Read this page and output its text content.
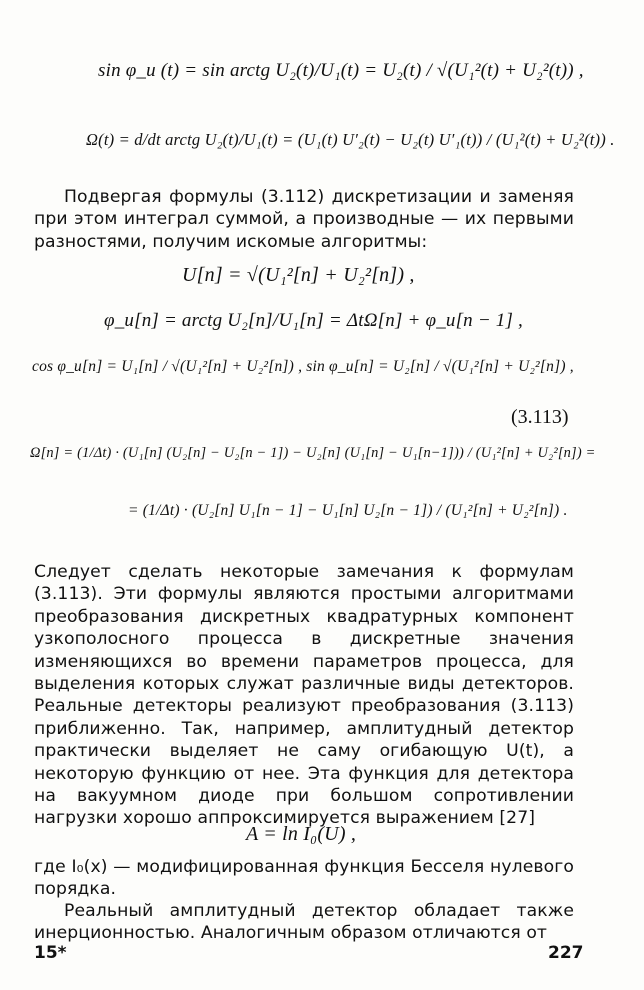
sin φ_u (t) = sin arctg U₂(t)/U₁(t) = U₂(t) / √(U₁²(t) + U₂²(t)) ,
Ω(t) = d/dt arctg U₂(t)/U₁(t) = (U₁(t) U′₂(t) − U₂(t) U′₁(t)) / (U₁²(t) + U₂²(t)) .
Подвергая формулы (3.112) дискретизации и заменяя при этом интеграл суммой, а производные — их первыми разностями, получим искомые алгоритмы:
U[n] = √(U₁²[n] + U₂²[n]) ,
φ_u[n] = arctg U₂[n]/U₁[n] = ΔtΩ[n] + φ_u[n − 1] ,
cos φ_u[n] = U₁[n] / √(U₁²[n] + U₂²[n]) , sin φ_u[n] = U₂[n] / √(U₁²[n] + U₂²[n]) ,
(3.113)
Ω[n] = (1/Δt) · (U₁[n] (U₂[n] − U₂[n − 1]) − U₂[n] (U₁[n] − U₁[n−1])) / (U₁²[n] + U₂²[n]) =
= (1/Δt) · (U₂[n] U₁[n − 1] − U₁[n] U₂[n − 1]) / (U₁²[n] + U₂²[n]) .
Следует сделать некоторые замечания к формулам (3.113). Эти формулы являются простыми алгоритмами преобразования дискретных квадратурных компонент узкополосного процесса в дискретные значения изменяющихся во времени параметров процесса, для выделения которых служат различные виды детекторов. Реальные детекторы реализуют преобразования (3.113) приближенно. Так, например, амплитудный детектор практически выделяет не саму огибающую U(t), а некоторую функцию от нее. Эта функция для детектора на вакуумном диоде при большом сопротивлении нагрузки хорошо аппроксимируется выражением [27]
A = ln I₀(U) ,
где I₀(x) — модифицированная функция Бесселя нулевого порядка.
Реальный амплитудный детектор обладает также инерционностью. Аналогичным образом отличаются от
15*	227
